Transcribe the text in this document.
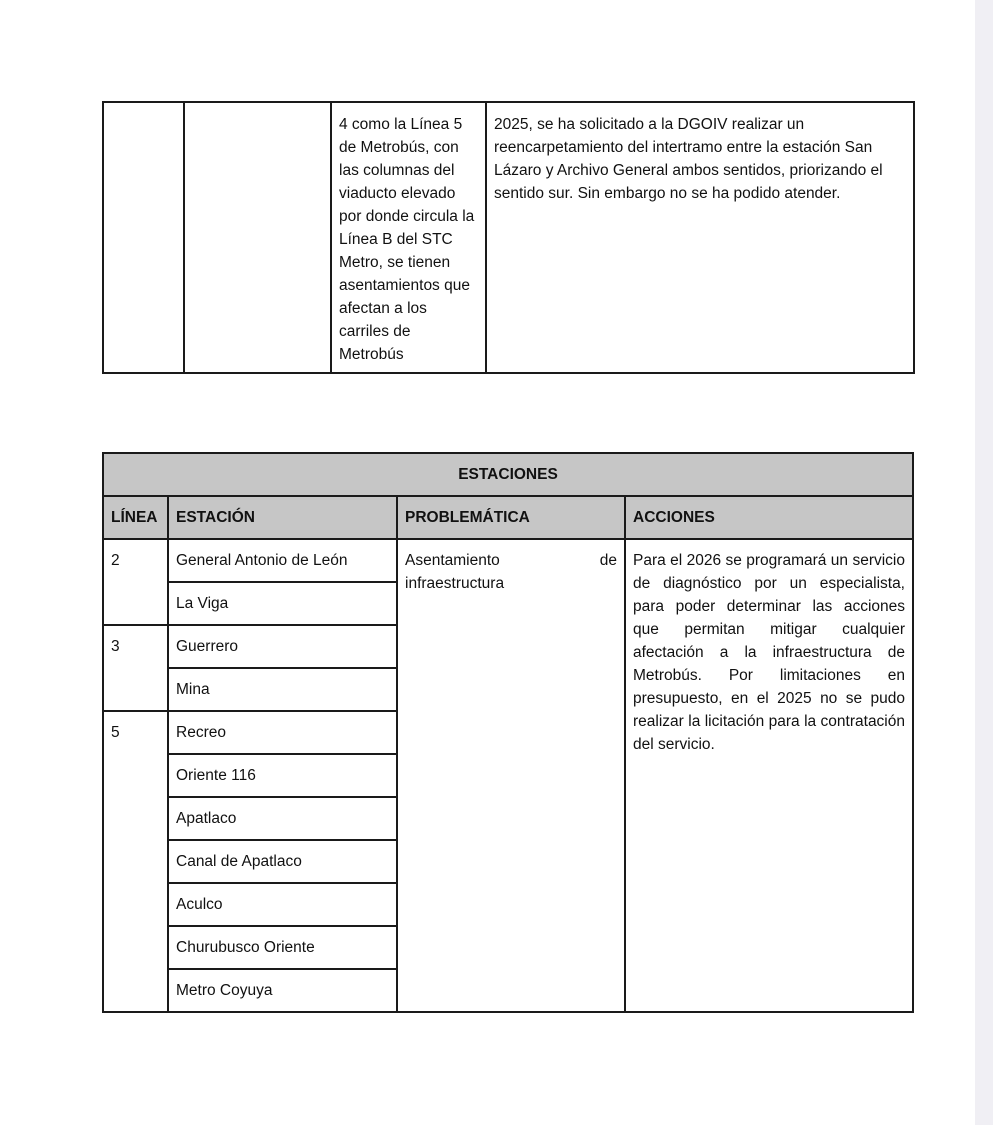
		4 como la Línea 5 de Metrobús, con las columnas del viaducto elevado por donde circula la Línea B del STC Metro, se tienen asentamientos que afectan a los carriles de Metrobús	2025, se ha solicitado a la DGOIV realizar un reencarpetamiento del intertramo entre la estación San Lázaro y Archivo General ambos sentidos, priorizando el sentido sur. Sin embargo no se ha podido atender.
ESTACIONES			
LÍNEA	ESTACIÓN	PROBLEMÁTICA	ACCIONES
2	General Antonio de León	Asentamiento de infraestructura	Para el 2026 se programará un servicio de diagnóstico por un especialista, para poder determinar las acciones que permitan mitigar cualquier afectación a la infraestructura de Metrobús. Por limitaciones en presupuesto, en el 2025 no se pudo realizar la licitación para la contratación del servicio.
	La Viga		
3	Guerrero		
	Mina		
5	Recreo		
	Oriente 116		
	Apatlaco		
	Canal de Apatlaco		
	Aculco		
	Churubusco Oriente		
	Metro Coyuya		
